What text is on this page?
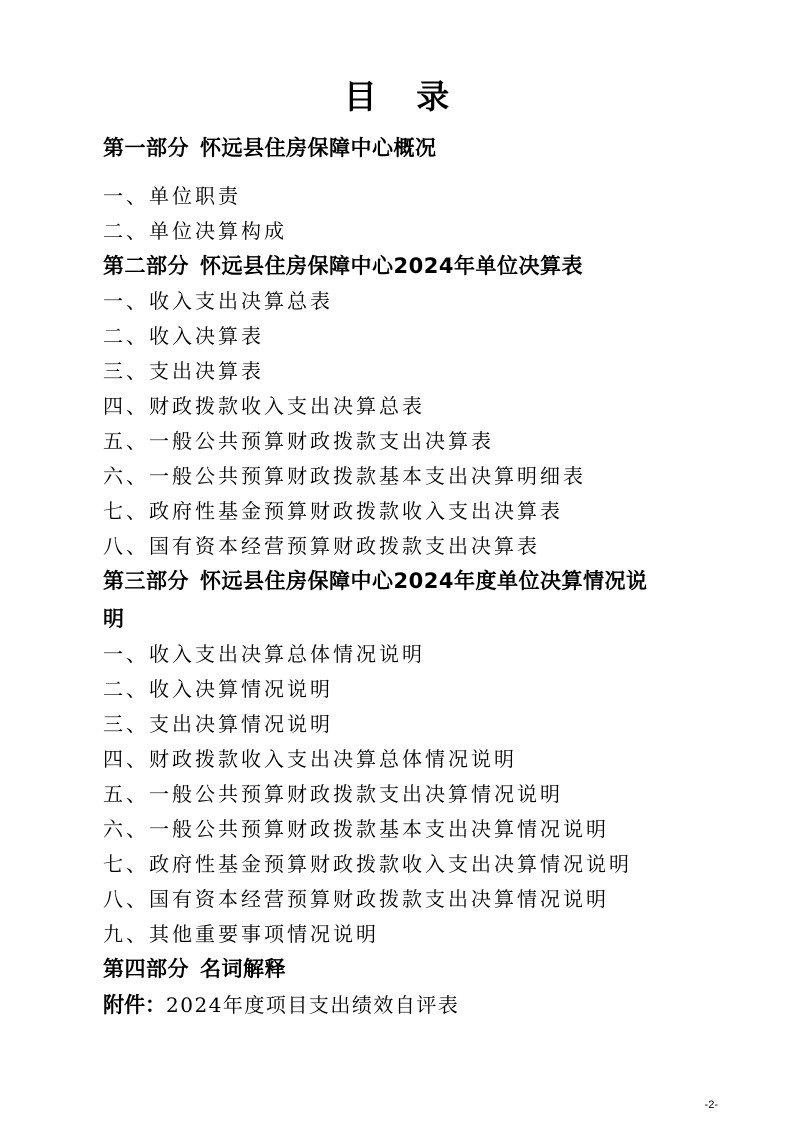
目 录
第一部分 怀远县住房保障中心概况
一、单位职责
二、单位决算构成
第二部分 怀远县住房保障中心2024年单位决算表
一、收入支出决算总表
二、收入决算表
三、支出决算表
四、财政拨款收入支出决算总表
五、一般公共预算财政拨款支出决算表
六、一般公共预算财政拨款基本支出决算明细表
七、政府性基金预算财政拨款收入支出决算表
八、国有资本经营预算财政拨款支出决算表
第三部分 怀远县住房保障中心2024年度单位决算情况说
明
一、收入支出决算总体情况说明
二、收入决算情况说明
三、支出决算情况说明
四、财政拨款收入支出决算总体情况说明
五、一般公共预算财政拨款支出决算情况说明
六、一般公共预算财政拨款基本支出决算情况说明
七、政府性基金预算财政拨款收入支出决算情况说明
八、国有资本经营预算财政拨款支出决算情况说明
九、其他重要事项情况说明
第四部分 名词解释
附件：2024年度项目支出绩效自评表
-2-
